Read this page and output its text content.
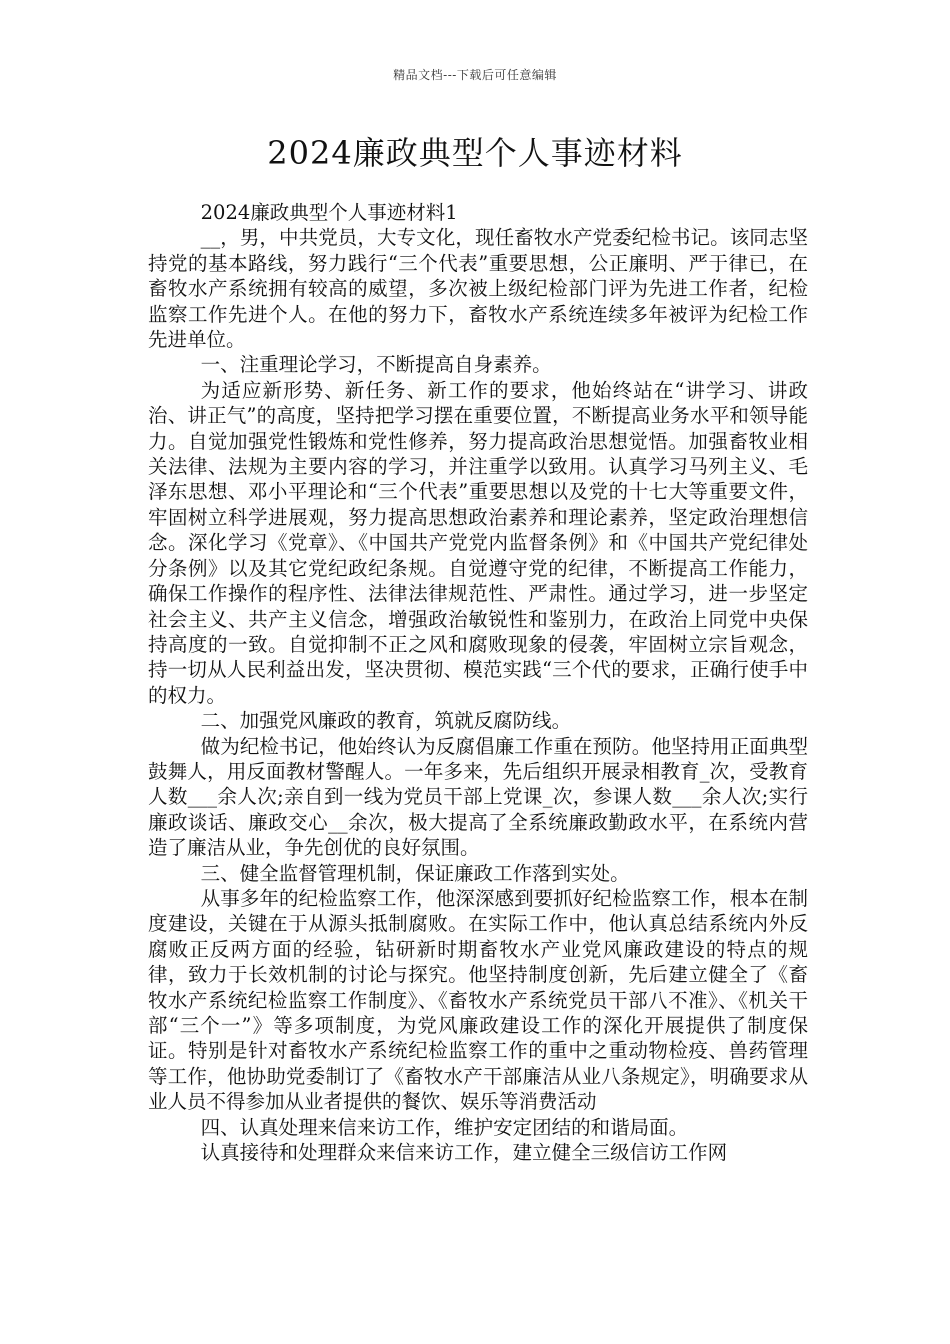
精品文档---下载后可任意编辑
2024廉政典型个人事迹材料

2024廉政典型个人事迹材料1

__，男，中共党员，大专文化，现任畜牧水产党委纪检书记。该同志坚持党的基本路线，努力践行“三个代表”重要思想，公正廉明、严于律已，在畜牧水产系统拥有较高的威望，多次被上级纪检部门评为先进工作者，纪检监察工作先进个人。在他的努力下，畜牧水产系统连续多年被评为纪检工作先进单位。

一、注重理论学习，不断提高自身素养。

为适应新形势、新任务、新工作的要求，他始终站在“讲学习、讲政治、讲正气”的高度，坚持把学习摆在重要位置，不断提高业务水平和领导能力。自觉加强党性锻炼和党性修养，努力提高政治思想觉悟。加强畜牧业相关法律、法规为主要内容的学习，并注重学以致用。认真学习马列主义、毛泽东思想、邓小平理论和“三个代表”重要思想以及党的十七大等重要文件，牢固树立科学进展观，努力提高思想政治素养和理论素养，坚定政治理想信念。深化学习《党章》、《中国共产党党内监督条例》和《中国共产党纪律处分条例》以及其它党纪政纪条规。自觉遵守党的纪律，不断提高工作能力，确保工作操作的程序性、法律法律规范性、严肃性。通过学习，进一步坚定社会主义、共产主义信念，增强政治敏锐性和鉴别力，在政治上同党中央保持高度的一致。自觉抑制不正之风和腐败现象的侵袭，牢固树立宗旨观念，持一切从人民利益出发，坚决贯彻、模范实践“三个代的要求，正确行使手中的权力。

二、加强党风廉政的教育，筑就反腐防线。

做为纪检书记，他始终认为反腐倡廉工作重在预防。他坚持用正面典型鼓舞人，用反面教材警醒人。一年多来，先后组织开展录相教育_次，受教育人数___余人次;亲自到一线为党员干部上党课_次，参课人数___余人次;实行廉政谈话、廉政交心__余次，极大提高了全系统廉政勤政水平，在系统内营造了廉洁从业，争先创优的良好氛围。

三、健全监督管理机制，保证廉政工作落到实处。

从事多年的纪检监察工作，他深深感到要抓好纪检监察工作，根本在制度建设，关键在于从源头抵制腐败。在实际工作中，他认真总结系统内外反腐败正反两方面的经验，钻研新时期畜牧水产业党风廉政建设的特点的规律，致力于长效机制的讨论与探究。他坚持制度创新，先后建立健全了《畜牧水产系统纪检监察工作制度》、《畜牧水产系统党员干部八不准》、《机关干部“三个一”》等多项制度，为党风廉政建设工作的深化开展提供了制度保证。特别是针对畜牧水产系统纪检监察工作的重中之重动物检疫、兽药管理等工作，他协助党委制订了《畜牧水产干部廉洁从业八条规定》，明确要求从业人员不得参加从业者提供的餐饮、娱乐等消费活动

四、认真处理来信来访工作，维护安定团结的和谐局面。

认真接待和处理群众来信来访工作，建立健全三级信访工作网
